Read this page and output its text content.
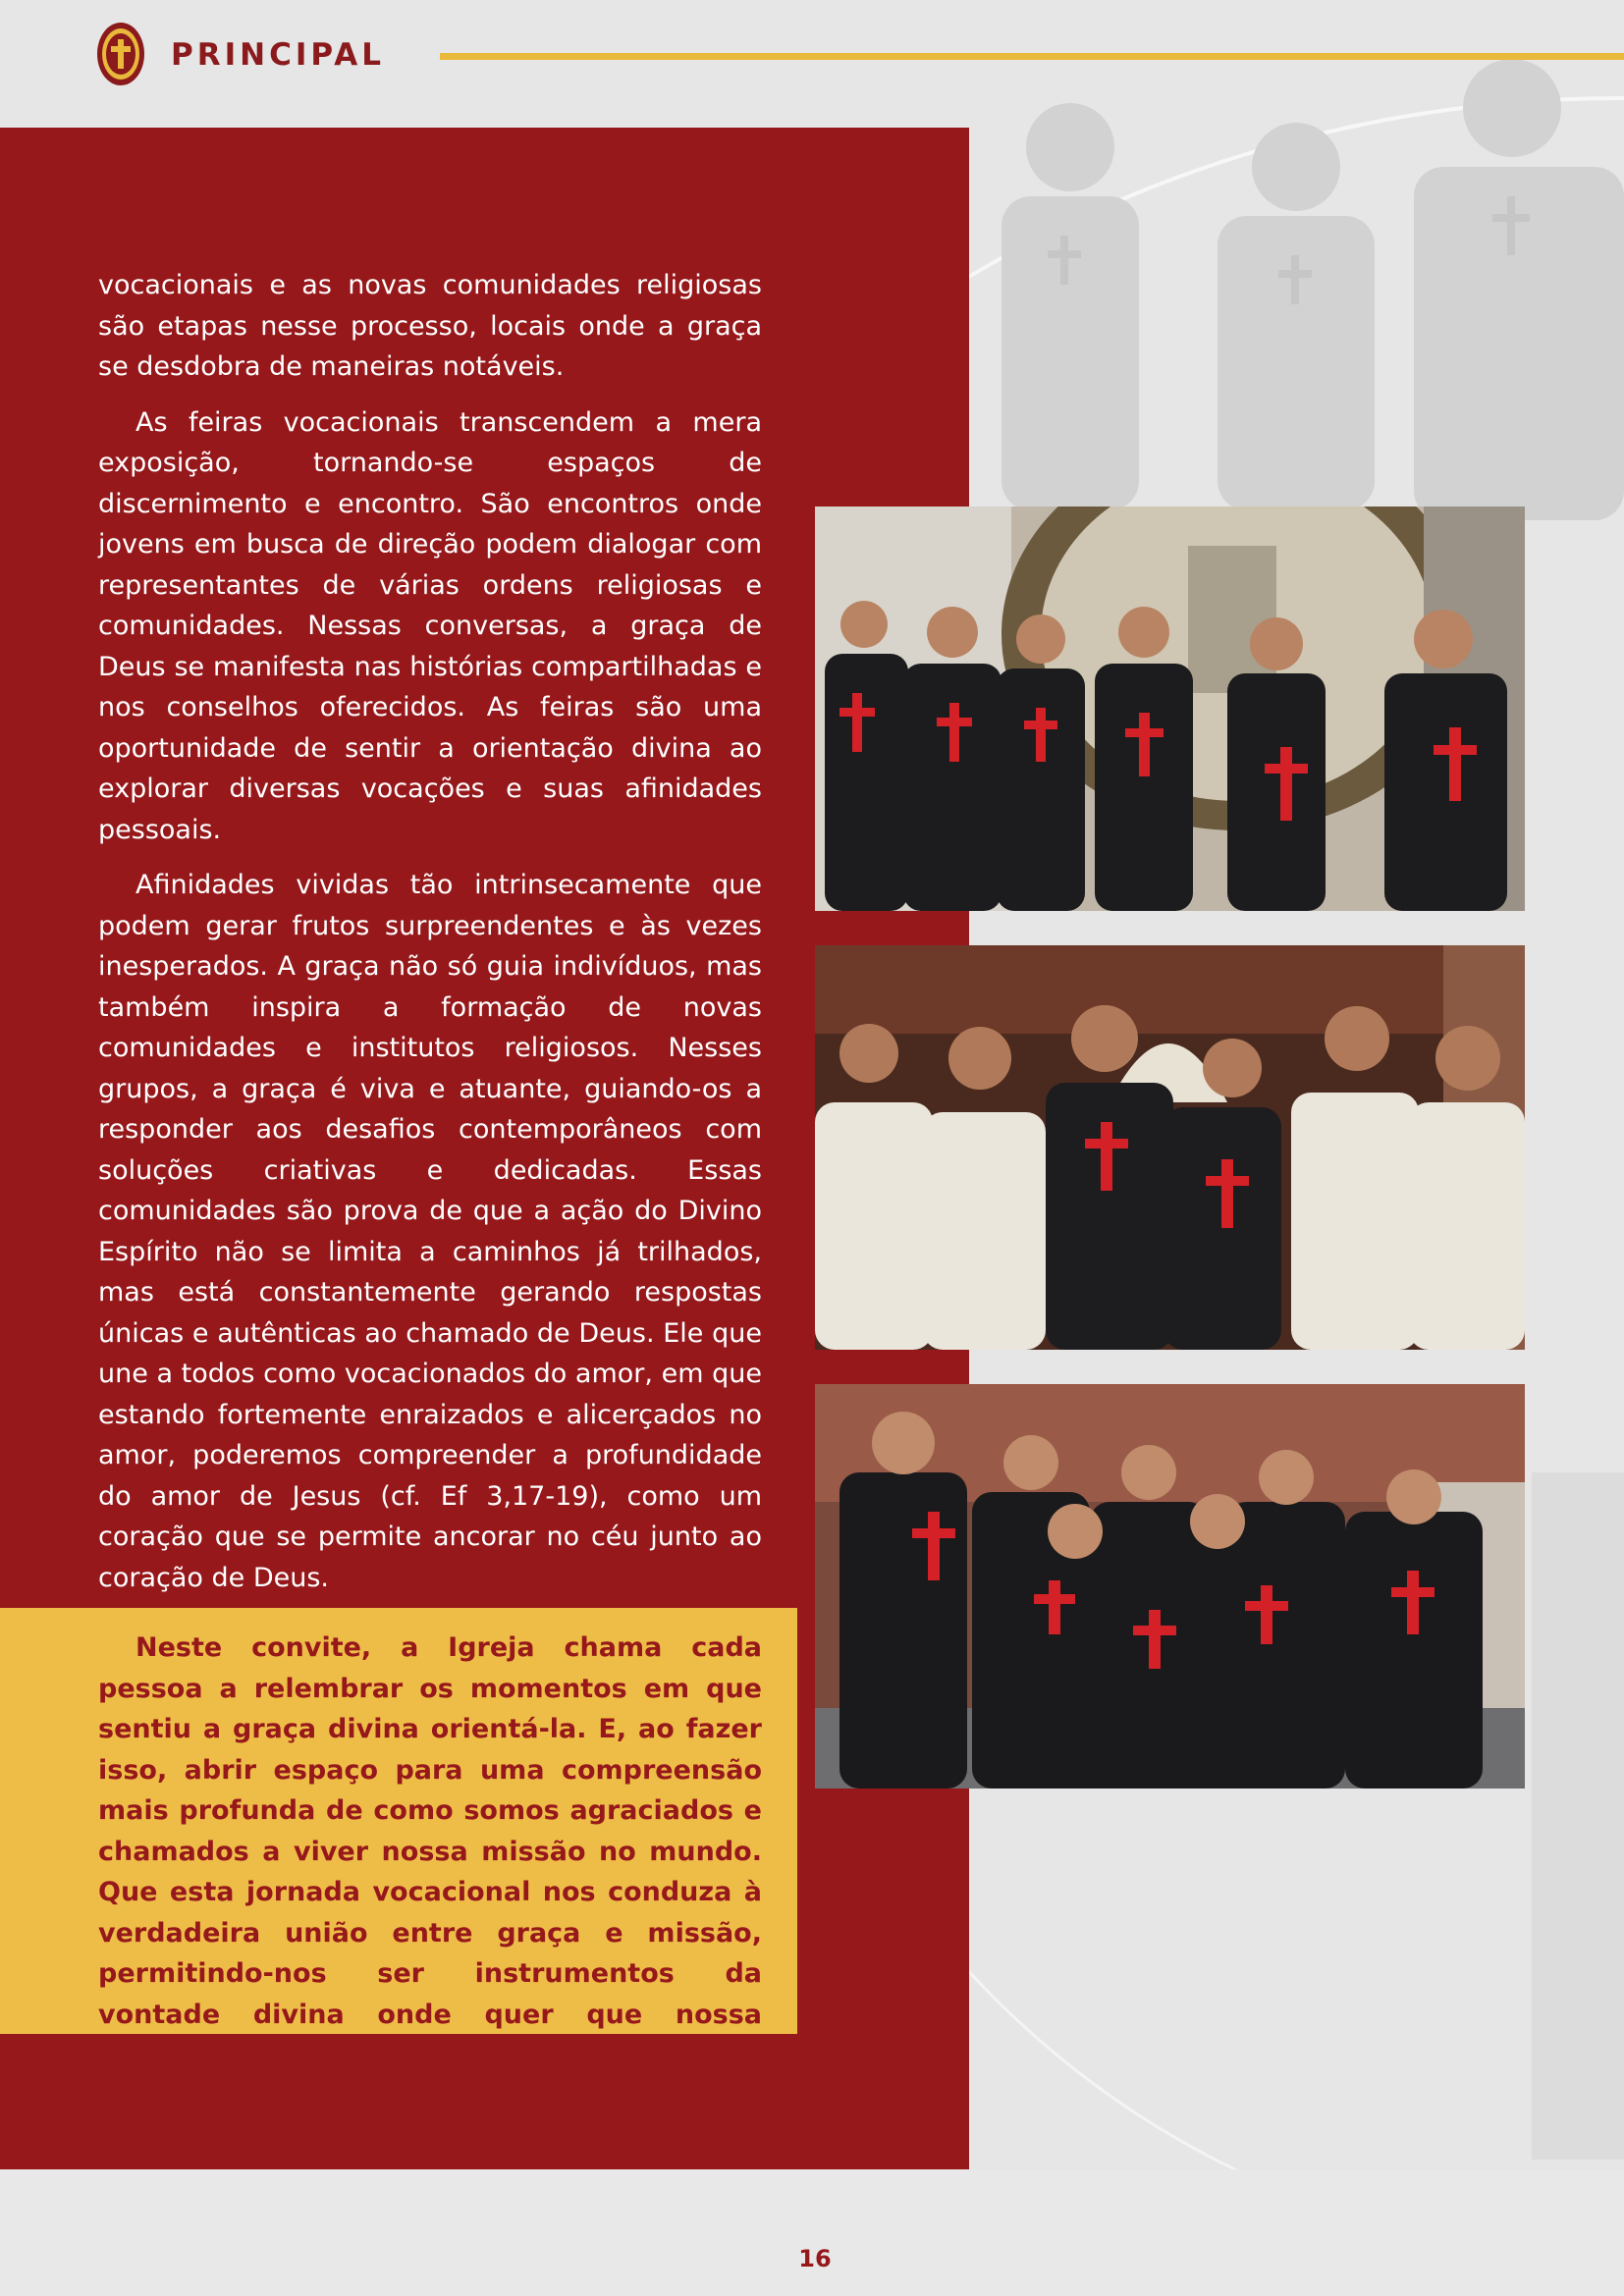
PRINCIPAL

vocacionais e as novas comunidades religiosas são etapas nesse processo, locais onde a graça se desdobra de maneiras notáveis.

As feiras vocacionais transcendem a mera exposição, tornando-se espaços de discernimento e encontro. São encontros onde jovens em busca de direção podem dialogar com representantes de várias ordens religiosas e comunidades. Nessas conversas, a graça de Deus se manifesta nas histórias compartilhadas e nos conselhos oferecidos. As feiras são uma oportunidade de sentir a orientação divina ao explorar diversas vocações e suas afinidades pessoais.

Afinidades vividas tão intrinsecamente que podem gerar frutos surpreendentes e às vezes inesperados. A graça não só guia indivíduos, mas também inspira a formação de novas comunidades e institutos religiosos. Nesses grupos, a graça é viva e atuante, guiando-os a responder aos desafios contemporâneos com soluções criativas e dedicadas. Essas comunidades são prova de que a ação do Divino Espírito não se limita a caminhos já trilhados, mas está constantemente gerando respostas únicas e autênticas ao chamado de Deus. Ele que une a todos como vocacionados do amor, em que estando fortemente enraizados e alicerçados no amor, poderemos compreender a profundidade do amor de Jesus (cf. Ef 3,17-19), como um coração que se permite ancorar no céu junto ao coração de Deus.

Neste convite, a Igreja chama cada pessoa a relembrar os momentos em que sentiu a graça divina orientá-la. E, ao fazer isso, abrir espaço para uma compreensão mais profunda de como somos agraciados e chamados a viver nossa missão no mundo. Que esta jornada vocacional nos conduza à verdadeira união entre graça e missão, permitindo-nos ser instrumentos da vontade divina onde quer que nossa vocação nos leve.

16
